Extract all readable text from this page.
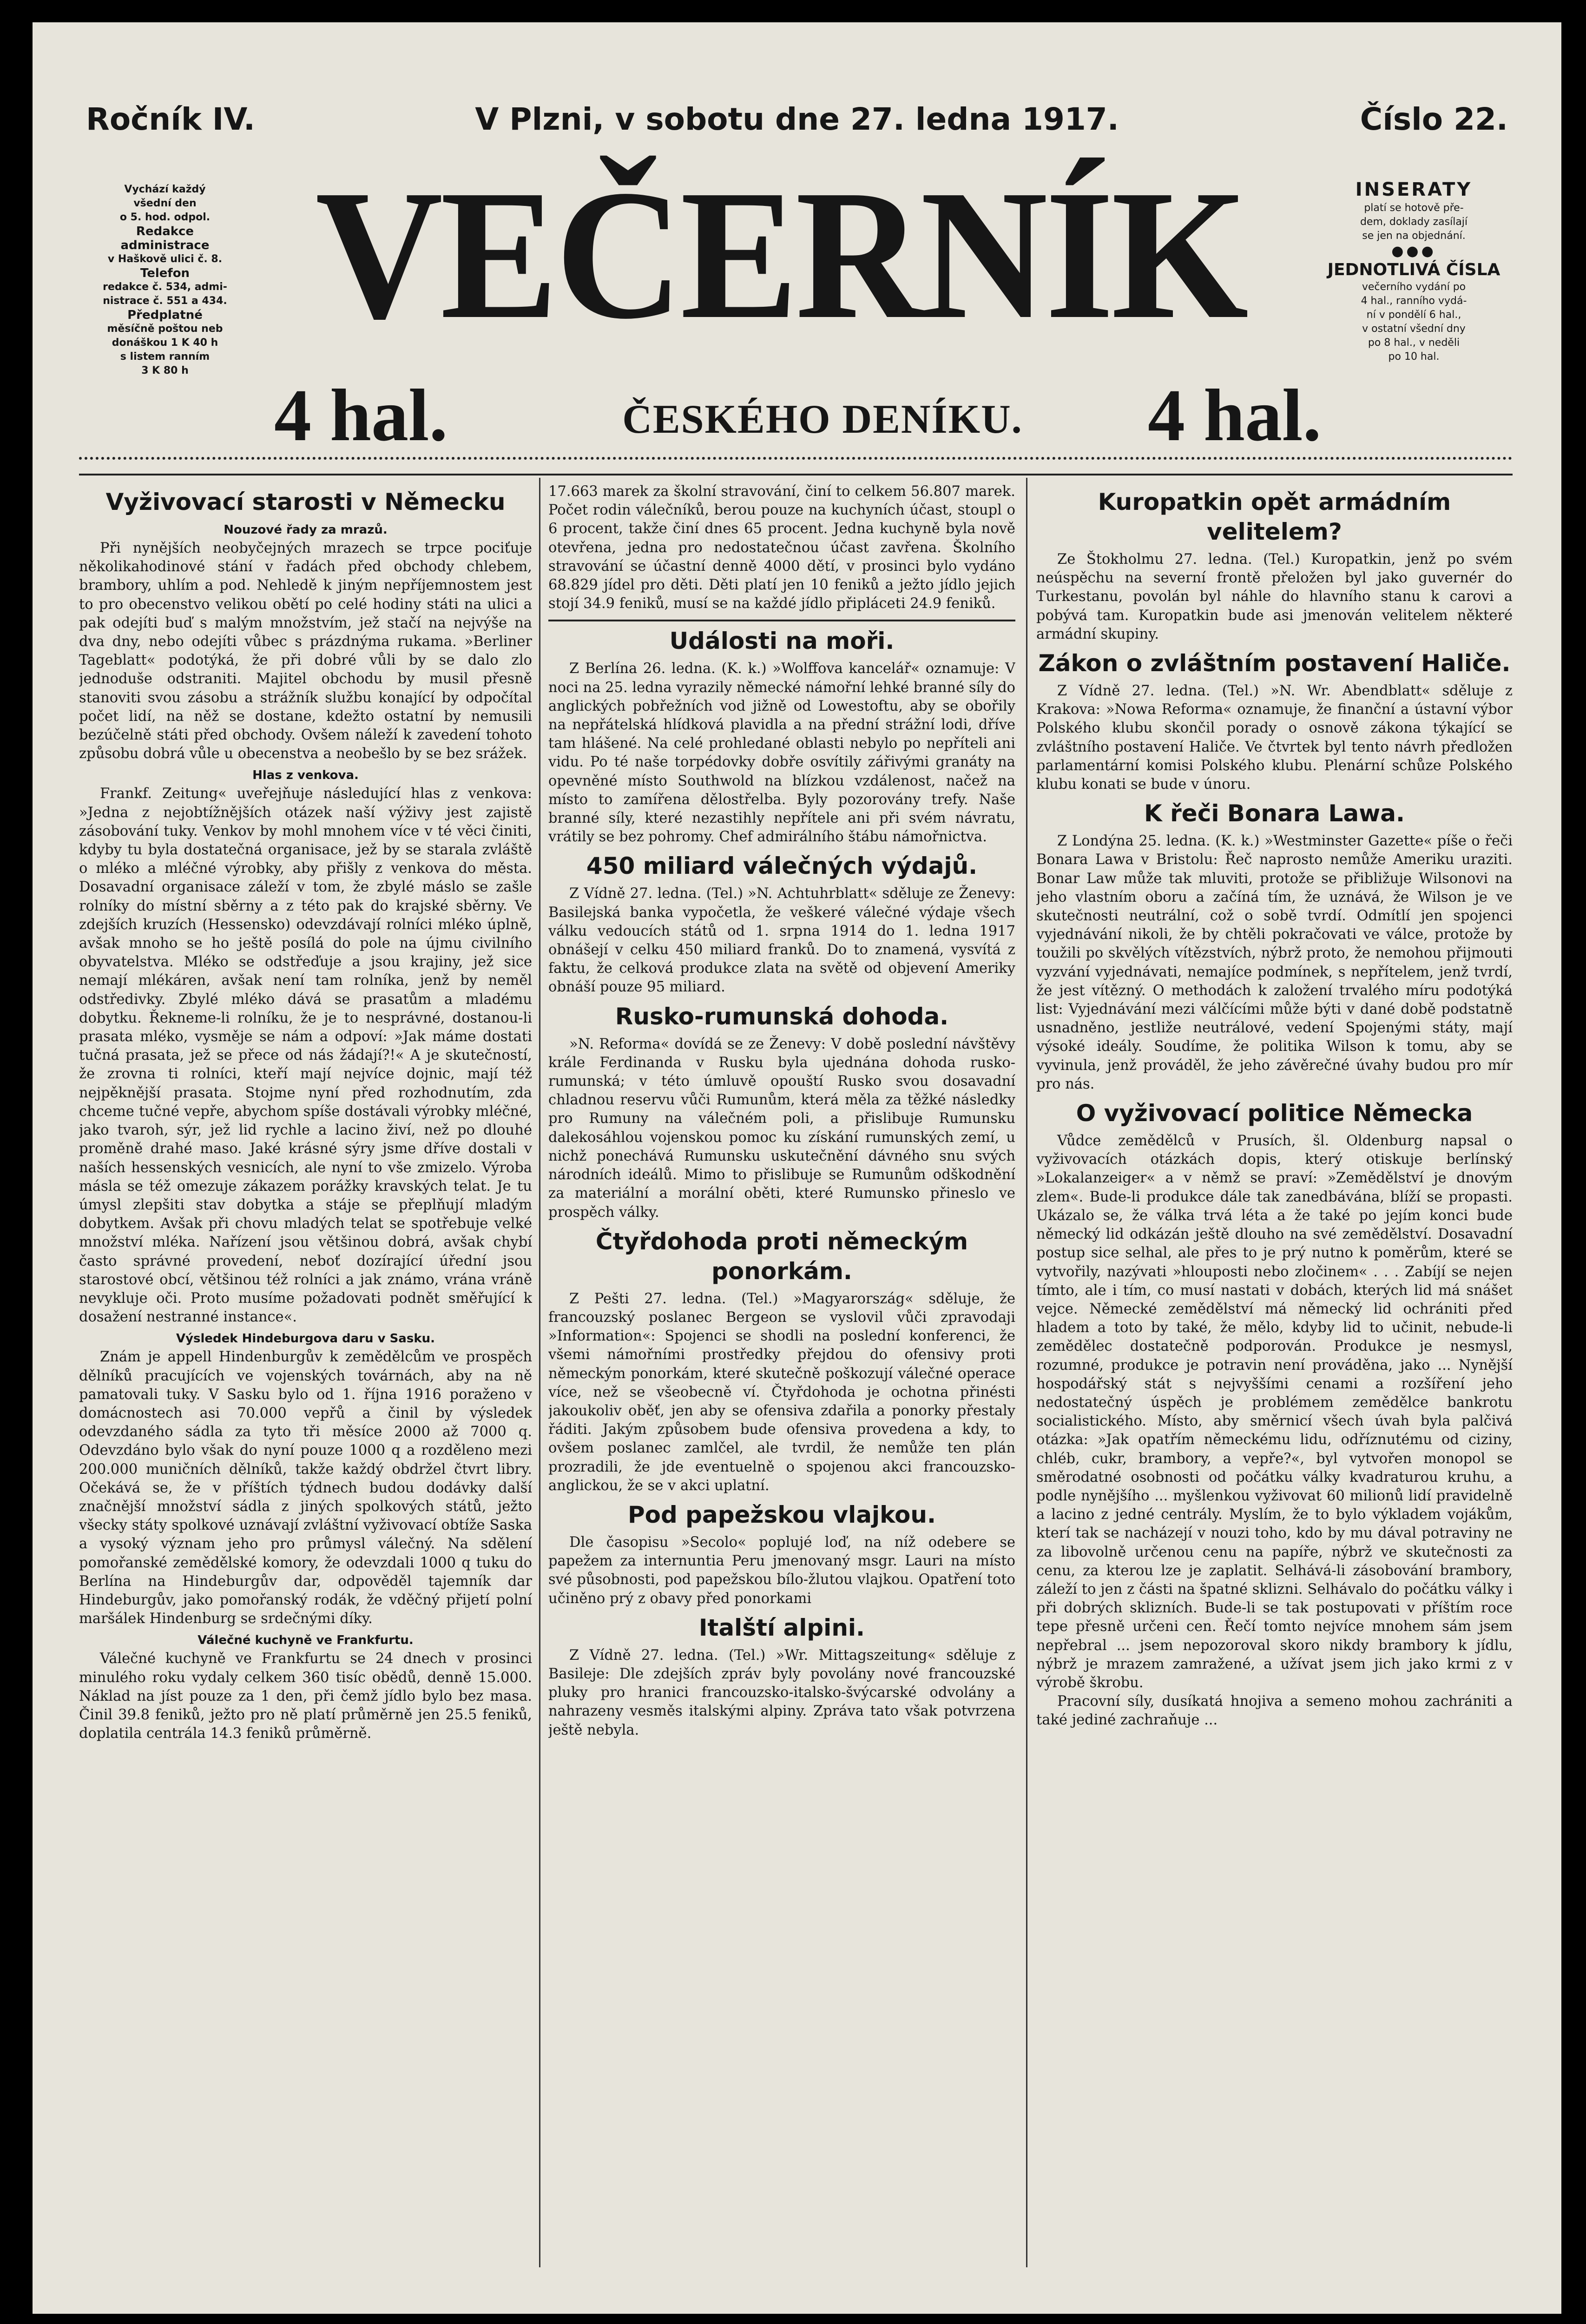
Ročník IV.	V Plzni, v sobotu dne 27. ledna 1917.	Číslo 22.
Vychází každý
všední den
o 5. hod. odpol.
Redakce
administrace
v Haškově ulici č. 8.
Telefon
redakce č. 534, admi-
nistrace č. 551 a 434.
Předplatné
měsíčně poštou neb
donáškou 1 K 40 h
s listem ranním
3 K 80 h
VEČERNÍK
4 hal.	ČESKÉHO DENÍKU.	4 hal.
INSERATY
platí se hotově pře-
dem, doklady zasílají
se jen na objednání.
●●●
JEDNOTLIVÁ ČÍSLA
večerního vydání po
4 hal., ranního vydá-
ní v pondělí 6 hal.,
v ostatní všední dny
po 8 hal., v neděli
po 10 hal.
Vyživovací starosti v Německu
Nouzové řady za mrazů.

Při nynějších neobyčejných mrazech se trpce pociťuje několikahodinové stání v řadách před obchody chlebem, brambory, uhlím a pod. Nehledě k jiným nepříjemnostem jest to pro obecenstvo velikou obětí po celé hodiny státi na ulici a pak odejíti buď s malým množstvím, jež stačí na nejvýše na dva dny, nebo odejíti vůbec s prázdnýma rukama. »Berliner Tageblatt« podotýká, že při dobré vůli by se dalo zlo jednoduše odstraniti. Majitel obchodu by musil přesně stanoviti svou zásobu a strážník službu konající by odpočítal počet lidí, na něž se dostane, kdežto ostatní by nemusili bezúčelně státi před obchody. Ovšem náleží k zavedení tohoto způsobu dobrá vůle u obecenstva a neobešlo by se bez srážek.

Hlas z venkova.

Frankf. Zeitung« uveřejňuje následující hlas z venkova: »Jedna z nejobtížnějších otázek naší výživy jest zajistě zásobování tuky. Venkov by mohl mnohem více v té věci činiti, kdyby tu byla dostatečná organisace, jež by se starala zvláště o mléko a mléčné výrobky, aby přišly z venkova do města. Dosavadní organisace záleží v tom, že zbylé máslo se zašle rolníky do místní sběrny a z této pak do krajské sběrny. Ve zdejších kruzích (Hessensko) odevzdávají rolníci mléko úplně, avšak mnoho se ho ještě posílá do pole na újmu civilního obyvatelstva. Mléko se odstřeďuje a jsou krajiny, jež sice nemají mlékáren, avšak není tam rolníka, jenž by neměl odstředivky. Zbylé mléko dává se prasatům a mladému dobytku. Řekneme-li rolníku, že je to nesprávné, dostanou-li prasata mléko, vysměje se nám a odpoví: »Jak máme dostati tučná prasata, jež se přece od nás žádají?!« A je skutečností, že zrovna ti rolníci, kteří mají nejvíce dojnic, mají též nejpěknější prasata. Stojme nyní před rozhodnutím, zda chceme tučné vepře, abychom spíše dostávali výrobky mléčné, jako tvaroh, sýr, jež lid rychle a lacino živí, než po dlouhé proměně drahé maso. Jaké krásné sýry jsme dříve dostali v naších hessenských vesnicích, ale nyní to vše zmizelo. Výroba másla se též omezuje zákazem porážky kravských telat. Je tu úmysl zlepšiti stav dobytka a stáje se přeplňují mladým dobytkem. Avšak při chovu mladých telat se spotřebuje velké množství mléka. Nařízení jsou většinou dobrá, avšak chybí často správné provedení, neboť dozírající úřední jsou starostové obcí, většinou též rolníci a jak známo, vrána vráně nevykluje oči. Proto musíme požadovati podnět směřující k dosažení nestranné instance«.

Výsledek Hindeburgova daru v Sasku.

Znám je appell Hindenburgův k zemědělcům ve prospěch dělníků pracujících ve vojenských továrnách, aby na ně pamatovali tuky. V Sasku bylo od 1. října 1916 poraženo v domácnostech asi 70.000 vepřů a činil by výsledek odevzdaného sádla za tyto tři měsíce 2000 až 7000 q. Odevzdáno bylo však do nyní pouze 1000 q a rozděleno mezi 200.000 muničních dělníků, takže každý obdržel čtvrt libry. Očekává se, že v příštích týdnech budou dodávky další značnější množství sádla z jiných spolkových států, ježto všecky státy spolkové uznávají zvláštní vyživovací obtíže Saska a vysoký význam jeho pro průmysl válečný. Na sdělení pomořanské zemědělské komory, že odevzdali 1000 q tuku do Berlína na Hindeburgův dar, odpověděl tajemník dar Hindeburgův, jako pomořanský rodák, že vděčný přijetí polní maršálek Hindenburg se srdečnými díky.

Válečné kuchyně ve Frankfurtu.

Válečné kuchyně ve Frankfurtu se 24 dnech v prosinci minulého roku vydaly celkem 360 tisíc obědů, denně 15.000. Náklad na jíst pouze za 1 den, při čemž jídlo bylo bez masa. Činil 39.8 feniků, ježto pro ně platí průměrně jen 25.5 feniků, doplatila centrála 14.3 feniků průměrně.

17.663 marek za školní stravování, činí to celkem 56.807 marek. Počet rodin válečníků, berou pouze na kuchyních účast, stoupl o 6 procent, takže činí dnes 65 procent. Jedna kuchyně byla nově otevřena, jedna pro nedostatečnou účast zavřena. Školního stravování se účastní denně 4000 dětí, v prosinci bylo vydáno 68.829 jídel pro děti. Děti platí jen 10 feniků a ježto jídlo jejich stojí 34.9 feniků, musí se na každé jídlo připláceti 24.9 feniků.

Události na moři.

Z Berlína 26. ledna. (K. k.) »Wolffova kancelář« oznamuje: V noci na 25. ledna vyrazily německé námořní lehké branné síly do anglických pobřežních vod jižně od Lowestoftu, aby se obořily na nepřátelská hlídková plavidla a na přední strážní lodi, dříve tam hlášené. Na celé prohledané oblasti nebylo po nepříteli ani vidu. Po té naše torpédovky dobře osvítily zářivými granáty na opevněné místo Southwold na blízkou vzdálenost, načež na místo to zamířena dělostřelba. Byly pozorovány trefy. Naše branné síly, které nezastihly nepřítele ani při svém návratu, vrátily se bez pohromy. Chef admirálního štábu námořnictva.

450 miliard válečných výdajů.

Z Vídně 27. ledna. (Tel.) »N. Achtuhrblatt« sděluje ze Ženevy: Basilejská banka vypočetla, že veškeré válečné výdaje všech válku vedoucích států od 1. srpna 1914 do 1. ledna 1917 obnášejí v celku 450 miliard franků. Do to znamená, vysvítá z faktu, že celková produkce zlata na světě od objevení Ameriky obnáší pouze 95 miliard.

Rusko-rumunská dohoda.

»N. Reforma« dovídá se ze Ženevy: V době poslední návštěvy krále Ferdinanda v Rusku byla ujednána dohoda rusko-rumunská; v této úmluvě opouští Rusko svou dosavadní chladnou reservu vůči Rumunům, která měla za těžké následky pro Rumuny na válečném poli, a přislibuje Rumunsku dalekosáhlou vojenskou pomoc ku získání rumunských zemí, u nichž ponechává Rumunsku uskutečnění dávného snu svých národních ideálů. Mimo to přislibuje se Rumunům odškodnění za materiální a morální oběti, které Rumunsko přineslo ve prospěch války.

Čtyřdohoda proti německým ponorkám.

Z Pešti 27. ledna. (Tel.) »Magyarország« sděluje, že francouzský poslanec Bergeon se vyslovil vůči zpravodaji »Information«: Spojenci se shodli na poslední konferenci, že všemi námořními prostředky přejdou do ofensivy proti německým ponorkám, které skutečně poškozují válečné operace více, než se všeobecně ví. Čtyřdohoda je ochotna přinésti jakoukoliv oběť, jen aby se ofensiva zdařila a ponorky přestaly řáditi. Jakým způsobem bude ofensiva provedena a kdy, to ovšem poslanec zamlčel, ale tvrdil, že nemůže ten plán prozradili, že jde eventuelně o spojenou akci francouzsko-anglickou, že se v akci uplatní.

Pod papežskou vlajkou.

Dle časopisu »Secolo« poplujé loď, na níž odebere se papežem za internuntia Peru jmenovaný msgr. Lauri na místo své působnosti, pod papežskou bílo-žlutou vlajkou. Opatření toto učiněno prý z obavy před ponorkami

Italští alpini.

Z Vídně 27. ledna. (Tel.) »Wr. Mittagszeitung« sděluje z Basileje: Dle zdejších zpráv byly povolány nové francouzské pluky pro hranici francouzsko-italsko-švýcarské odvolány a nahrazeny vesměs italskými alpiny. Zpráva tato však potvrzena ještě nebyla.

Kuropatkin opět armádním velitelem?

Ze Štokholmu 27. ledna. (Tel.) Kuropatkin, jenž po svém neúspěchu na severní frontě přeložen byl jako guvernér do Turkestanu, povolán byl náhle do hlavního stanu k carovi a pobývá tam. Kuropatkin bude asi jmenován velitelem některé armádní skupiny.

Zákon o zvláštním postavení Haliče.

Z Vídně 27. ledna. (Tel.) »N. Wr. Abendblatt« sděluje z Krakova: »Nowa Reforma« oznamuje, že finanční a ústavní výbor Polského klubu skončil porady o osnově zákona týkající se zvláštního postavení Haliče. Ve čtvrtek byl tento návrh předložen parlamentární komisi Polského klubu. Plenární schůze Polského klubu konati se bude v únoru.

K řeči Bonara Lawa.

Z Londýna 25. ledna. (K. k.) »Westminster Gazette« píše o řeči Bonara Lawa v Bristolu: Řeč naprosto nemůže Ameriku uraziti. Bonar Law může tak mluviti, protože se přibližuje Wilsonovi na jeho vlastním oboru a začíná tím, že uznává, že Wilson je ve skutečnosti neutrální, což o sobě tvrdí. Odmítlí jen spojenci vyjednávání nikoli, že by chtěli pokračovati ve válce, protože by toužili po skvělých vítězstvích, nýbrž proto, že nemohou přijmouti vyzvání vyjednávati, nemajíce podmínek, s nepřítelem, jenž tvrdí, že jest vítězný. O methodách k založení trvalého míru podotýká list: Vyjednávání mezi válčícími může býti v dané době podstatně usnadněno, jestliže neutrálové, vedení Spojenými státy, mají výsoké ideály. Soudíme, že politika Wilson k tomu, aby se vyvinula, jenž prováděl, že jeho závěrečné úvahy budou pro mír pro nás.

O vyživovací politice Německa

Vůdce zemědělců v Prusích, šl. Oldenburg napsal o vyživovacích otázkách dopis, který otiskuje berlínský »Lokalanzeiger« a v němž se praví: »Zemědělství je dnovým zlem«. Bude-li produkce dále tak zanedbávána, blíží se propasti. Ukázalo se, že válka trvá léta a že také po jejím konci bude německý lid odkázán ještě dlouho na své zemědělství. Dosavadní postup sice selhal, ale přes to je prý nutno k poměrům, které se vytvořily, nazývati »hlouposti nebo zločinem« . . . Zabíjí se nejen tímto, ale i tím, co musí nastati v dobách, kterých lid má snášet vejce. Německé zemědělství má německý lid ochrániti před hladem a toto by také, že mělo, kdyby lid to učinit, nebude-li zemědělec dostatečně podporován. Produkce je nesmysl, rozumné, produkce je potravin není prováděna, jako ... Nynější hospodářský stát s nejvyššími cenami a rozšíření jeho nedostatečný úspěch je problémem zemědělce bankrotu socialistického. Místo, aby směrnicí všech úvah byla palčivá otázka: »Jak opatřím německému lidu, odříznutému od ciziny, chléb, cukr, brambory, a vepře?«, byl vytvořen monopol se směrodatné osobnosti od počátku války kvadraturou kruhu, a podle nynějšího ... myšlenkou vyživovat 60 milionů lidí pravidelně a lacino z jedné centrály. Myslím, že to bylo výkladem vojákům, kterí tak se nacházejí v nouzi toho, kdo by mu dával potraviny ne za libovolně určenou cenu na papíře, nýbrž ve skutečnosti za cenu, za kterou lze je zaplatit. Selhává-li zásobování brambory, záleží to jen z části na špatné sklizni. Selhávalo do počátku války i při dobrých sklizních. Bude-li se tak postupovati v příštím roce tepe přesně určeni cen. Řečí tomto nejvíce mnohem sám jsem nepřebral ... jsem nepozoroval skoro nikdy brambory k jídlu, nýbrž je mrazem zamražené, a užívat jsem jich jako krmi z v výrobě škrobu.

Pracovní síly, dusíkatá hnojiva a semeno mohou zachrániti a také jediné zachraňuje ...
